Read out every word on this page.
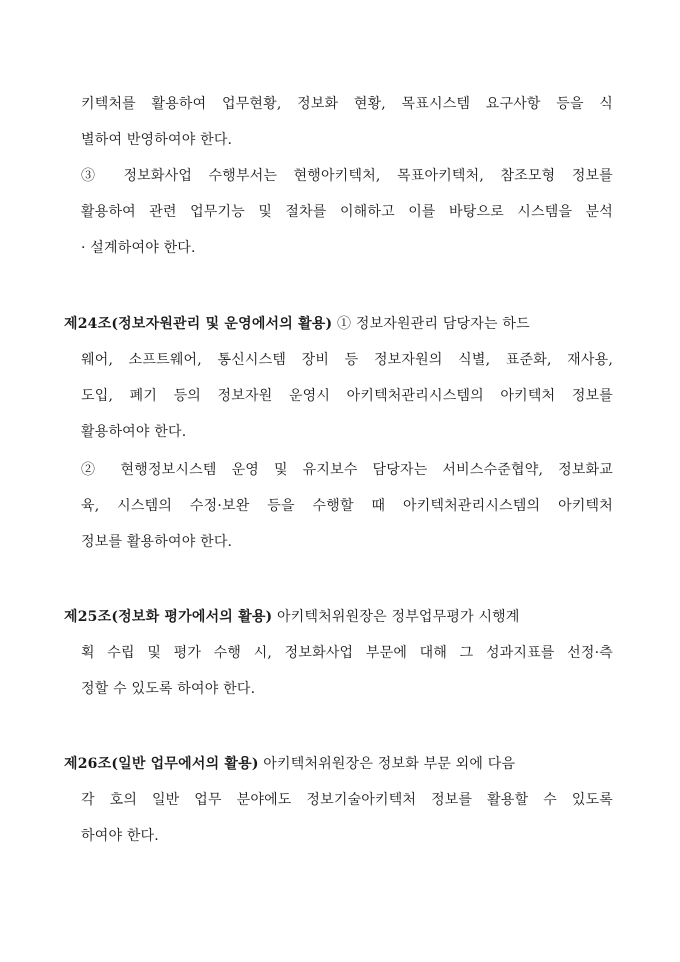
키텍처를 활용하여 업무현황, 정보화 현황, 목표시스템 요구사항 등을 식
별하여 반영하여야 한다.
③ 정보화사업 수행부서는 현행아키텍처, 목표아키텍처, 참조모형 정보를
활용하여 관련 업무기능 및 절차를 이해하고 이를 바탕으로 시스템을 분석
· 설계하여야 한다.
제24조(정보자원관리 및 운영에서의 활용) ① 정보자원관리 담당자는 하드
웨어, 소프트웨어, 통신시스템 장비 등 정보자원의 식별, 표준화, 재사용,
도입, 폐기 등의 정보자원 운영시 아키텍처관리시스템의 아키텍처 정보를
활용하여야 한다.
② 현행정보시스템 운영 및 유지보수 담당자는 서비스수준협약, 정보화교
육, 시스템의 수정·보완 등을 수행할 때 아키텍처관리시스템의 아키텍처
정보를 활용하여야 한다.
제25조(정보화 평가에서의 활용) 아키텍처위원장은 정부업무평가 시행계
획 수립 및 평가 수행 시, 정보화사업 부문에 대해 그 성과지표를 선정·측
정할 수 있도록 하여야 한다.
제26조(일반 업무에서의 활용) 아키텍처위원장은 정보화 부문 외에 다음
각 호의 일반 업무 분야에도 정보기술아키텍처 정보를 활용할 수 있도록
하여야 한다.
